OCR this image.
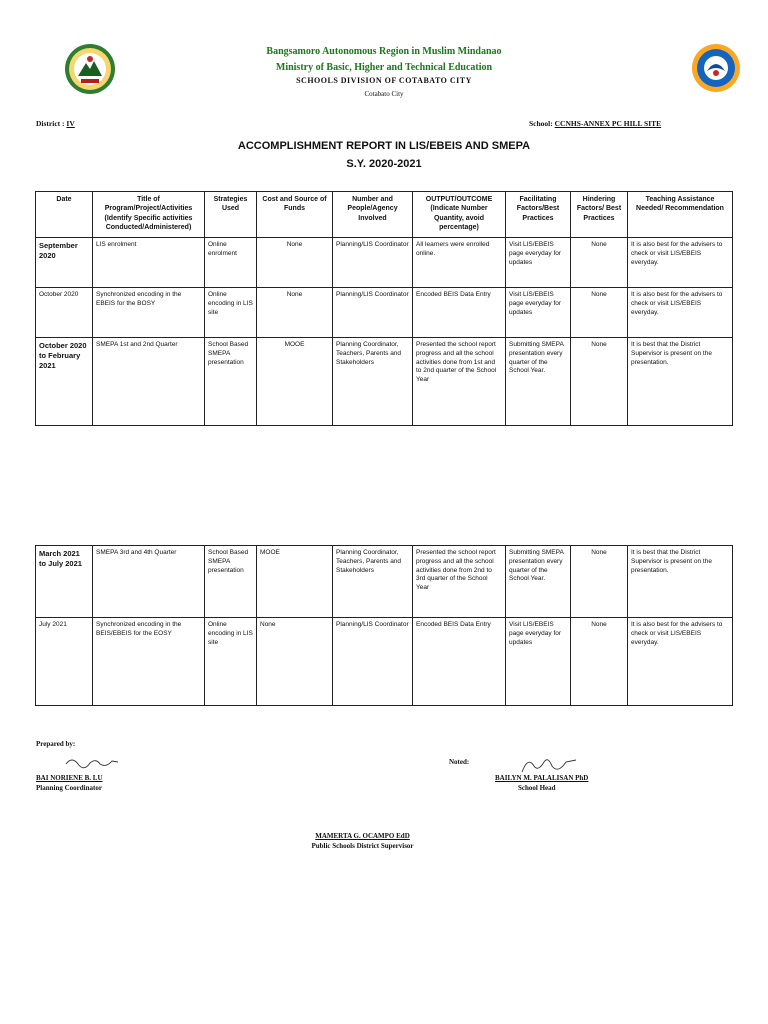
Bangsamoro Autonomous Region in Muslim Mindanao
Ministry of Basic, Higher and Technical Education
SCHOOLS DIVISION OF COTABATO CITY
Cotabato City
District : IV	School: CCNHS-ANNEX PC HILL SITE
ACCOMPLISHMENT REPORT IN LIS/EBEIS AND SMEPA
S.Y. 2020-2021
Date	Title of Program/Project/Activities (Identify Specific activities Conducted/Administered)	Strategies Used	Cost and Source of Funds	Number and People/Agency Involved	OUTPUT/OUTCOME (Indicate Number Quantity, avoid percentage)	Facilitating Factors/Best Practices	Hindering Factors/ Best Practices	Teaching Assistance Needed/ Recommendation
September 2020	LIS enrolment	Online enrolment	None	Planning/LIS Coordinator	All learners were enrolled online.	Visit LIS/EBEIS page everyday for updates	None	It is also best for the advisers to check or visit LIS/EBEIS everyday.
October 2020	Synchronized encoding in the EBEIS for the BOSY	Online encoding in LIS site	None	Planning/LIS Coordinator	Encoded BEIS Data Entry	Visit LIS/EBEIS page everyday for updates	None	It is also best for the advisers to check or visit LIS/EBEIS everyday.
October 2020 to February 2021	SMEPA 1st and 2nd Quarter	School Based SMEPA presentation	MOOE	Planning Coordinator, Teachers, Parents and Stakeholders	Presented the school report progress and all the school activities done from 1st and to 2nd quarter of the School Year	Submitting SMEPA presentation every quarter of the School Year.	None	It is best that the District Supervisor is present on the presentation.
March 2021 to July 2021	SMEPA 3rd and 4th Quarter	School Based SMEPA presentation	MOOE	Planning Coordinator, Teachers, Parents and Stakeholders	Presented the school report progress and all the school activities done from 2nd to 3rd quarter of the School Year	Submitting SMEPA presentation every quarter of the School Year.	None	It is best that the District Supervisor is present on the presentation.
July 2021	Synchronized encoding in the BEIS/EBEIS for the EOSY	Online encoding in LIS site	None	Planning/LIS Coordinator	Encoded BEIS Data Entry	Visit LIS/EBEIS page everyday for updates	None	It is also best for the advisers to check or visit LIS/EBEIS everyday.
Prepared by:
BAI NORIENE B. LU
Planning Coordinator
Noted:
BAILYN M. PALALISAN PhD
School Head
MAMERTA G. OCAMPO EdD
Public Schools District Supervisor
